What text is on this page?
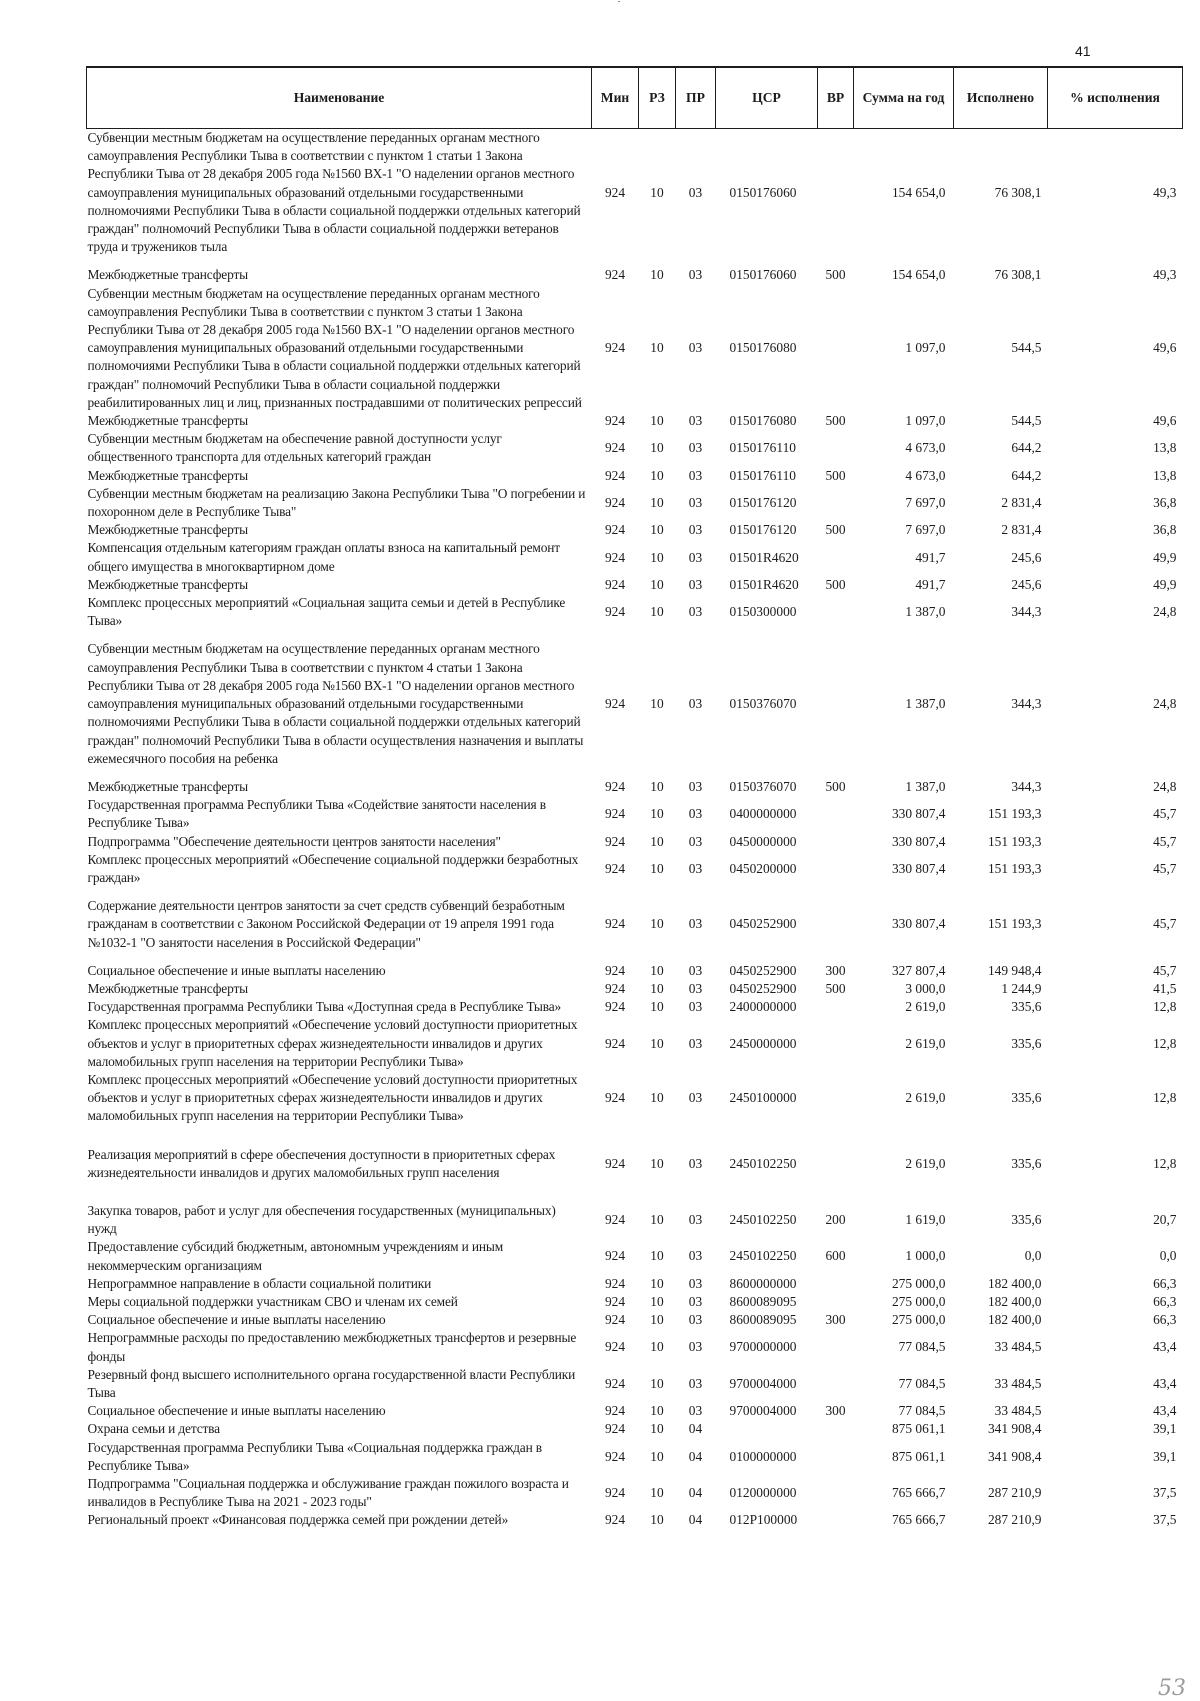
41
Наименование	Мин	РЗ	ПР	ЦСР	ВР	Сумма на год	Исполнено	% исполнения
Субвенции местным бюджетам на осуществление переданных органам местного самоуправления Республики Тыва в соответствии с пунктом 1 статьи 1 Закона Республики Тыва от 28 декабря 2005 года №1560 ВХ-1 "О наделении органов местного самоуправления муниципальных образований отдельными государственными полномочиями Республики Тыва в области социальной поддержки отдельных категорий граждан" полномочий Республики Тыва в области социальной поддержки ветеранов труда и тружеников тыла	924	10	03	0150176060		154 654,0	76 308,1	49,3
Межбюджетные трансферты	924	10	03	0150176060	500	154 654,0	76 308,1	49,3
Субвенции местным бюджетам на осуществление переданных органам местного самоуправления Республики Тыва в соответствии с пунктом 3 статьи 1 Закона Республики Тыва от 28 декабря 2005 года №1560 ВХ-1 "О наделении органов местного самоуправления муниципальных образований отдельными государственными полномочиями Республики Тыва в области социальной поддержки отдельных категорий граждан" полномочий Республики Тыва в области социальной поддержки реабилитированных лиц и лиц, признанных пострадавшими от политических репрессий	924	10	03	0150176080		1 097,0	544,5	49,6
Межбюджетные трансферты	924	10	03	0150176080	500	1 097,0	544,5	49,6
Субвенции местным бюджетам на обеспечение равной доступности услуг общественного транспорта для отдельных категорий граждан	924	10	03	0150176110		4 673,0	644,2	13,8
Межбюджетные трансферты	924	10	03	0150176110	500	4 673,0	644,2	13,8
Субвенции местным бюджетам на реализацию Закона Республики Тыва "О погребении и похоронном деле в Республике Тыва"	924	10	03	0150176120		7 697,0	2 831,4	36,8
Межбюджетные трансферты	924	10	03	0150176120	500	7 697,0	2 831,4	36,8
Компенсация отдельным категориям граждан оплаты взноса на капитальный ремонт общего имущества в многоквартирном доме	924	10	03	01501R4620		491,7	245,6	49,9
Межбюджетные трансферты	924	10	03	01501R4620	500	491,7	245,6	49,9
Комплекс процессных мероприятий «Социальная защита семьи и детей в Республике Тыва»	924	10	03	0150300000		1 387,0	344,3	24,8
Субвенции местным бюджетам на осуществление переданных органам местного самоуправления Республики Тыва в соответствии с пунктом 4 статьи 1 Закона Республики Тыва от 28 декабря 2005 года №1560 ВХ-1 "О наделении органов местного самоуправления муниципальных образований отдельными государственными полномочиями Республики Тыва в области социальной поддержки отдельных категорий граждан" полномочий Республики Тыва в области осуществления назначения и выплаты ежемесячного пособия на ребенка	924	10	03	0150376070		1 387,0	344,3	24,8
Межбюджетные трансферты	924	10	03	0150376070	500	1 387,0	344,3	24,8
Государственная программа Республики Тыва «Содействие занятости населения в Республике Тыва»	924	10	03	0400000000		330 807,4	151 193,3	45,7
Подпрограмма "Обеспечение деятельности центров занятости населения"	924	10	03	0450000000		330 807,4	151 193,3	45,7
Комплекс процессных мероприятий «Обеспечение социальной поддержки безработных граждан»	924	10	03	0450200000		330 807,4	151 193,3	45,7
Содержание деятельности центров занятости за счет средств субвенций безработным гражданам в соответствии с Законом Российской Федерации от 19 апреля 1991 года №1032-1 "О занятости населения в Российской Федерации"	924	10	03	0450252900		330 807,4	151 193,3	45,7
Социальное обеспечение и иные выплаты населению	924	10	03	0450252900	300	327 807,4	149 948,4	45,7
Межбюджетные трансферты	924	10	03	0450252900	500	3 000,0	1 244,9	41,5
Государственная программа Республики Тыва «Доступная среда в Республике Тыва»	924	10	03	2400000000		2 619,0	335,6	12,8
Комплекс процессных мероприятий «Обеспечение условий доступности приоритетных объектов и услуг в приоритетных сферах жизнедеятельности инвалидов и других маломобильных групп населения на территории Республики Тыва»	924	10	03	2450000000		2 619,0	335,6	12,8
Комплекс процессных мероприятий «Обеспечение условий доступности приоритетных объектов и услуг в приоритетных сферах жизнедеятельности инвалидов и других маломобильных групп населения на территории Республики Тыва»	924	10	03	2450100000		2 619,0	335,6	12,8
Реализация мероприятий в сфере обеспечения доступности в приоритетных сферах жизнедеятельности инвалидов и других маломобильных групп населения	924	10	03	2450102250		2 619,0	335,6	12,8
Закупка товаров, работ и услуг для обеспечения государственных (муниципальных) нужд	924	10	03	2450102250	200	1 619,0	335,6	20,7
Предоставление субсидий бюджетным, автономным учреждениям и иным некоммерческим организациям	924	10	03	2450102250	600	1 000,0	0,0	0,0
Непрограммное направление в области социальной политики	924	10	03	8600000000		275 000,0	182 400,0	66,3
Меры социальной поддержки участникам СВО и членам их семей	924	10	03	8600089095		275 000,0	182 400,0	66,3
Социальное обеспечение и иные выплаты населению	924	10	03	8600089095	300	275 000,0	182 400,0	66,3
Непрограммные расходы по предоставлению межбюджетных трансфертов и резервные фонды	924	10	03	9700000000		77 084,5	33 484,5	43,4
Резервный фонд высшего исполнительного органа государственной власти Республики Тыва	924	10	03	9700004000		77 084,5	33 484,5	43,4
Социальное обеспечение и иные выплаты населению	924	10	03	9700004000	300	77 084,5	33 484,5	43,4
Охрана семьи и детства	924	10	04			875 061,1	341 908,4	39,1
Государственная программа Республики Тыва «Социальная поддержка граждан в Республике Тыва»	924	10	04	0100000000		875 061,1	341 908,4	39,1
Подпрограмма "Социальная поддержка и обслуживание граждан пожилого возраста и инвалидов в Республике Тыва на 2021 - 2023 годы"	924	10	04	0120000000		765 666,7	287 210,9	37,5
Региональный проект «Финансовая поддержка семей при рождении детей»	924	10	04	012P100000		765 666,7	287 210,9	37,5
53
